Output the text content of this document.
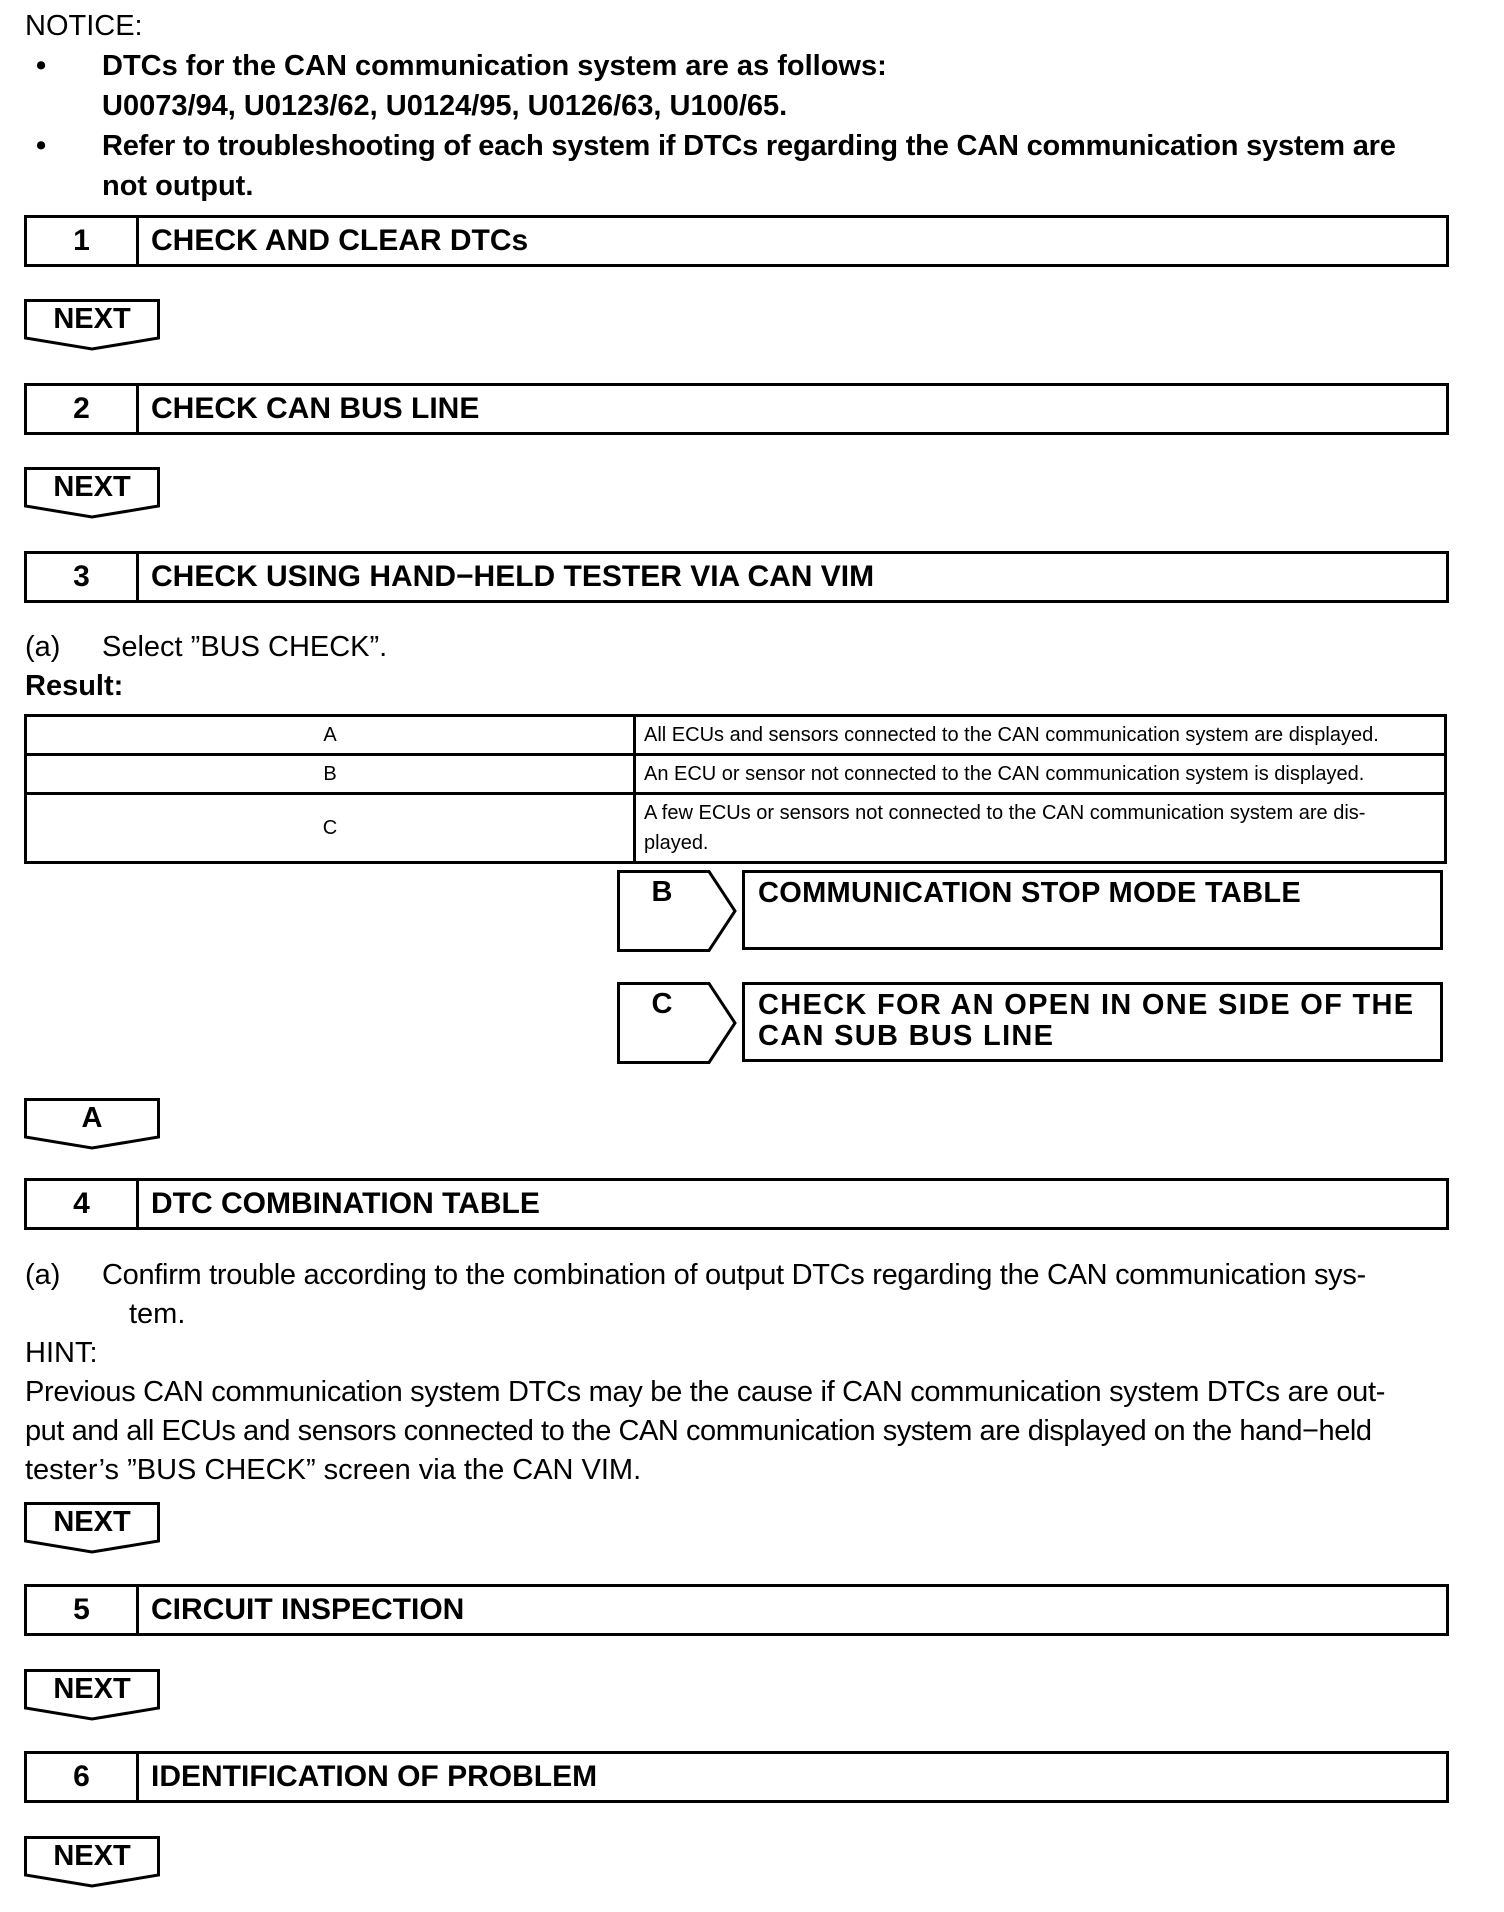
NOTICE:
• DTCs for the CAN communication system are as follows:
U0073/94, U0123/62, U0124/95, U0126/63, U100/65.
• Refer to troubleshooting of each system if DTCs regarding the CAN communication system are
not output.
1	CHECK AND CLEAR DTCs
NEXT
2	CHECK CAN BUS LINE
NEXT
3	CHECK USING HAND−HELD TESTER VIA CAN VIM
(a) Select ”BUS CHECK”.
Result:
A	All ECUs and sensors connected to the CAN communication system are displayed.
B	An ECU or sensor not connected to the CAN communication system is displayed.
C	A few ECUs or sensors not connected to the CAN communication system are dis-
played.
B	COMMUNICATION STOP MODE TABLE
C	CHECK FOR AN OPEN IN ONE SIDE OF THE
CAN SUB BUS LINE
A
4	DTC COMBINATION TABLE
(a) Confirm trouble according to the combination of output DTCs regarding the CAN communication sys-
tem.
HINT:
Previous CAN communication system DTCs may be the cause if CAN communication system DTCs are out-
put and all ECUs and sensors connected to the CAN communication system are displayed on the hand−held
tester’s ”BUS CHECK” screen via the CAN VIM.
NEXT
5	CIRCUIT INSPECTION
NEXT
6	IDENTIFICATION OF PROBLEM
NEXT
